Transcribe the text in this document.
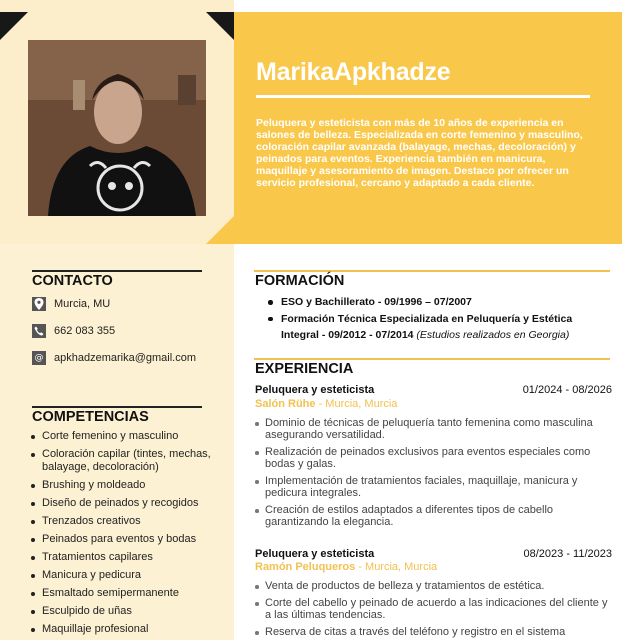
MarikaApkhadze
Peluquera y esteticista con más de 10 años de experiencia en salones de belleza. Especializada en corte femenino y masculino, coloración capilar avanzada (balayage, mechas, decoloración) y peinados para eventos. Experiencia también en manicura, maquillaje y asesoramiento de imagen. Destaco por ofrecer un servicio profesional, cercano y adaptado a cada cliente.
CONTACTO
Murcia, MU
662 083 355
@ apkhadzemarika@gmail.com
COMPETENCIAS
Corte femenino y masculino
Coloración capilar (tintes, mechas, balayage, decoloración)
Brushing y moldeado
Diseño de peinados y recogidos
Trenzados creativos
Peinados para eventos y bodas
Tratamientos capilares
Manicura y pedicura
Esmaltado semipermanente
Esculpido de uñas
Maquillaje profesional
FORMACIÓN
ESO y Bachillerato - 09/1996 – 07/2007
Formación Técnica Especializada en Peluquería y Estética Integral - 09/2012 - 07/2014 (Estudios realizados en Georgia)
EXPERIENCIA
Peluquera y esteticista	01/2024 - 08/2026
Salón Rühe - Murcia, Murcia
Dominio de técnicas de peluquería tanto femenina como masculina asegurando versatilidad.
Realización de peinados exclusivos para eventos especiales como bodas y galas.
Implementación de tratamientos faciales, maquillaje, manicura y pedicura integrales.
Creación de estilos adaptados a diferentes tipos de cabello garantizando la elegancia.
Peluquera y esteticista	08/2023 - 11/2023
Ramón Peluqueros - Murcia, Murcia
Venta de productos de belleza y tratamientos de estética.
Corte del cabello y peinado de acuerdo a las indicaciones del cliente y a las últimas tendencias.
Reserva de citas a través del teléfono y registro en el sistema
